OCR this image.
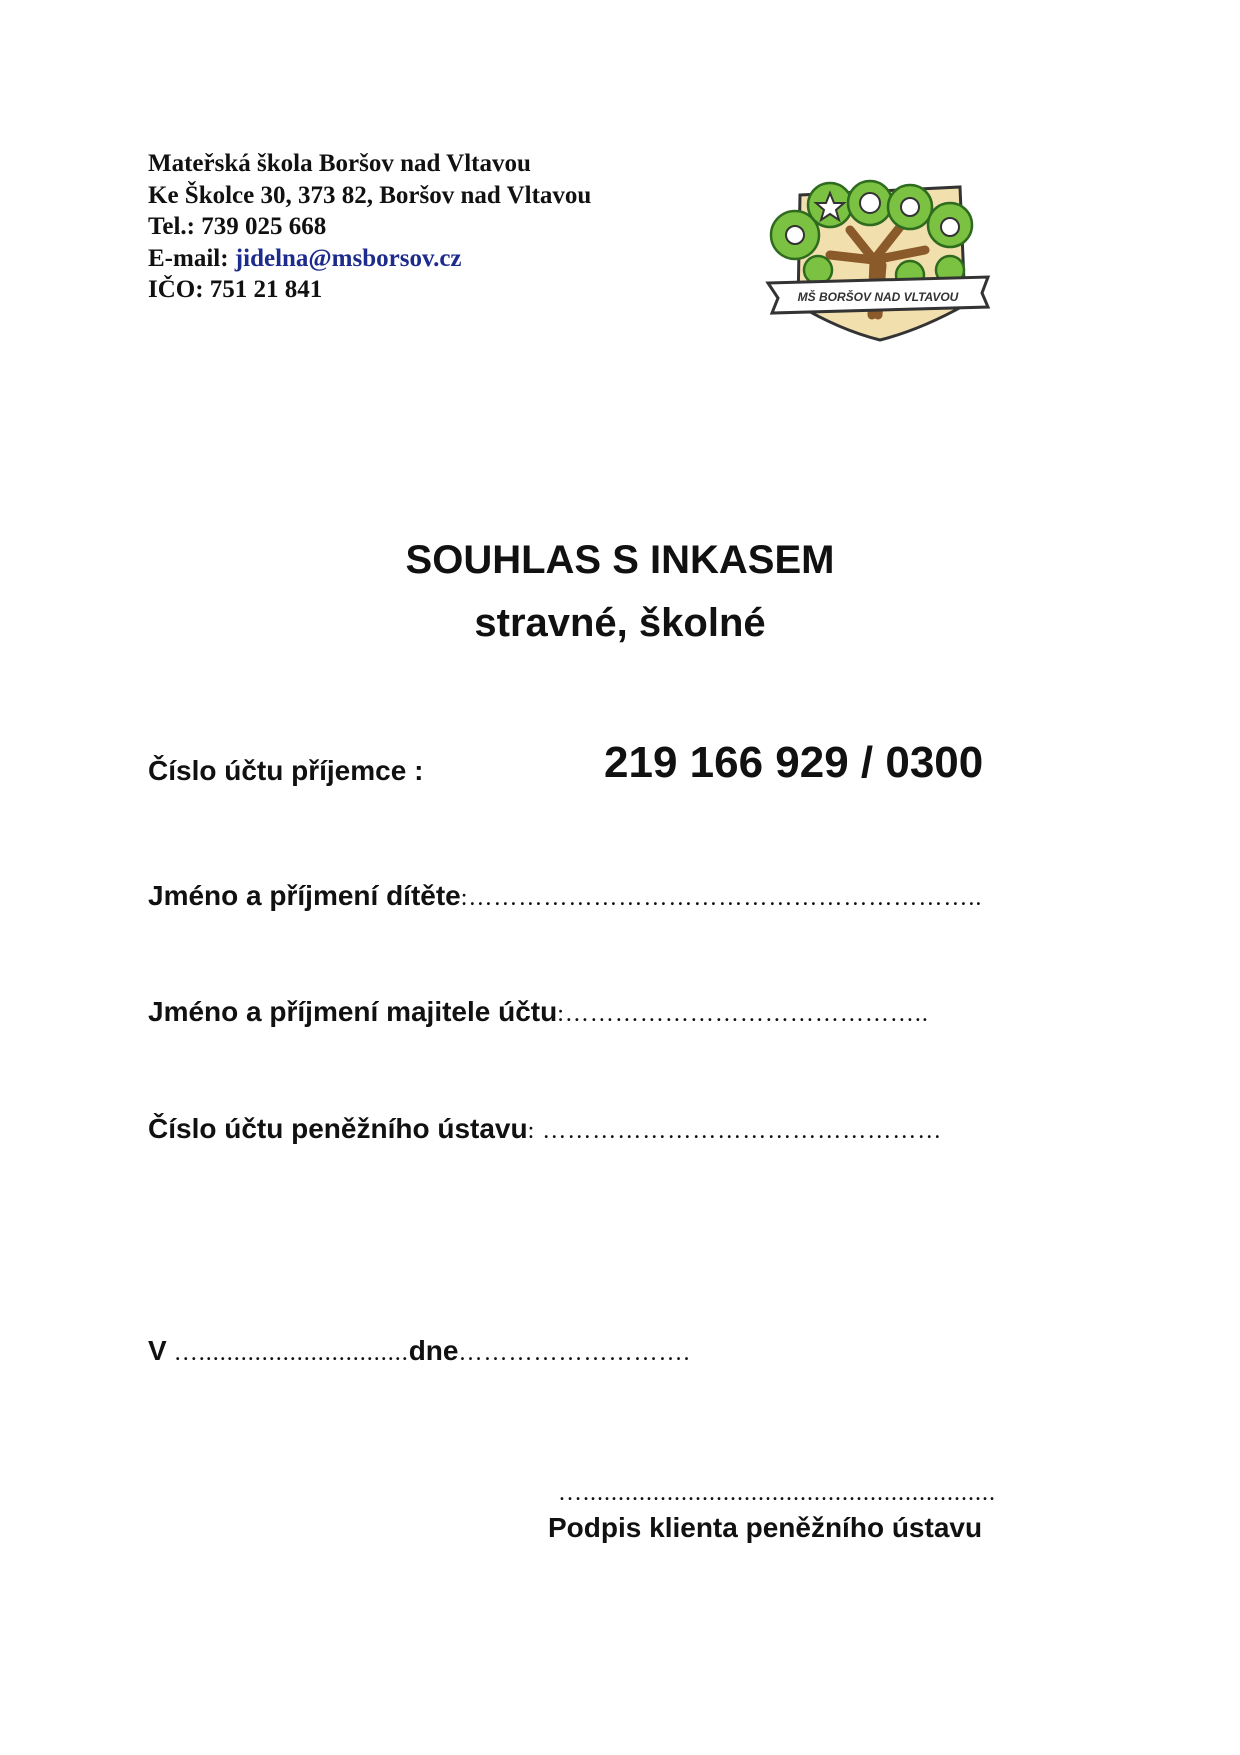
Mateřská škola Boršov nad Vltavou
Ke Školce 30, 373 82, Boršov nad Vltavou
Tel.: 739 025 668
E-mail: jidelna@msborsov.cz
IČO: 751 21 841	MŠ BORŠOV NAD VLTAVOU
SOUHLAS S INKASEM
stravné, školné
Číslo účtu příjemce :	219 166 929 / 0300
Jméno a příjmení dítěte:……………………………………………………..
Jméno a příjmení majitele účtu:……………………………………..
Číslo účtu peněžního ústavu: …………………………………………
V …..............................dne……………………….
…...........................................................
Podpis klienta peněžního ústavu
